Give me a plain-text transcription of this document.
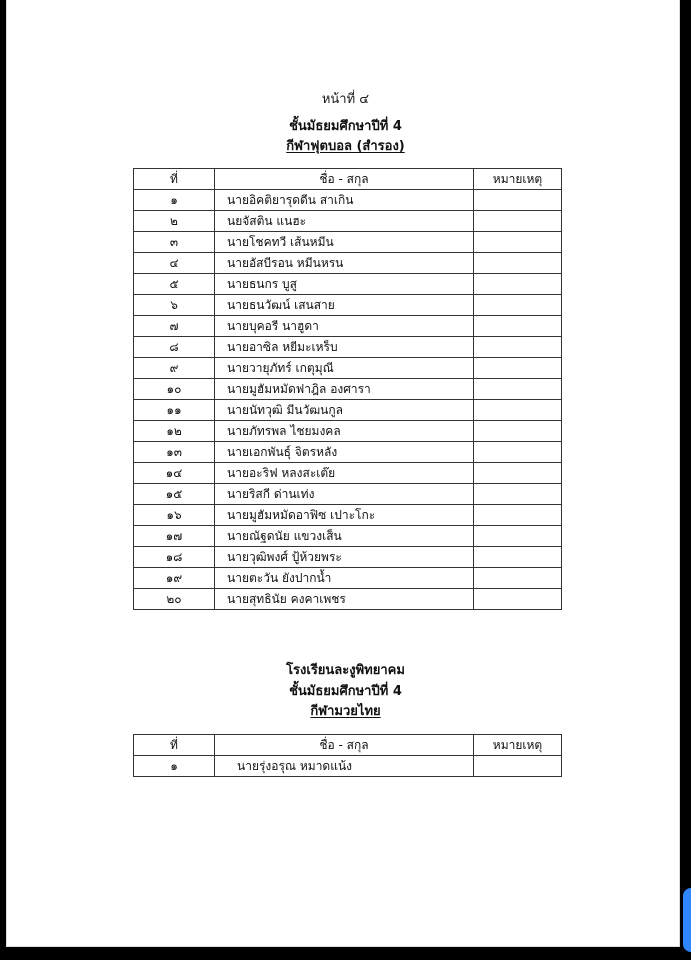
หน้าที่ ๔
ชั้นมัธยมศึกษาปีที่ 4
กีฬาฟุตบอล (สำรอง)
ที่	ชื่อ - สกุล	หมายเหตุ
๑	นายอิคติยารุดดีน สาเกิน	
๒	นยจัสติน แนฮะ	
๓	นายโชคทวี เส้นหมีน	
๔	นายอัสบีรอน หมีนหรน	
๕	นายธนกร บูสู	
๖	นายธนวัฒน์ เสนสาย	
๗	นายบุคอรี นาฮูดา	
๘	นายอาซิล หยีมะเหร็บ	
๙	นายวายุภัทร์ เกตุมุณี	
๑๐	นายมูฮัมหมัดฟาฎิล องศารา	
๑๑	นายนัทวุฒิ มีนวัฒนกูล	
๑๒	นายภัทรพล ไชยมงคล	
๑๓	นายเอกพันธุ์ จิตรหลัง	
๑๔	นายอะริฟ หลงสะเต๊ย	
๑๕	นายริสกี ด่านเท่ง	
๑๖	นายมูฮัมหมัดอาฟิซ เปาะโกะ	
๑๗	นายณัฐดนัย แขวงเส็น	
๑๘	นายวุฒิพงศ์ ปู้ห้วยพระ	
๑๙	นายตะวัน ยังปากน้ำ	
๒๐	นายสุทธินัย คงคาเพชร	
โรงเรียนละงูพิทยาคม
ชั้นมัธยมศึกษาปีที่ 4
กีฬามวยไทย
ที่	ชื่อ - สกุล	หมายเหตุ
๑	นายรุ่งอรุณ หมาดแน้ง	
